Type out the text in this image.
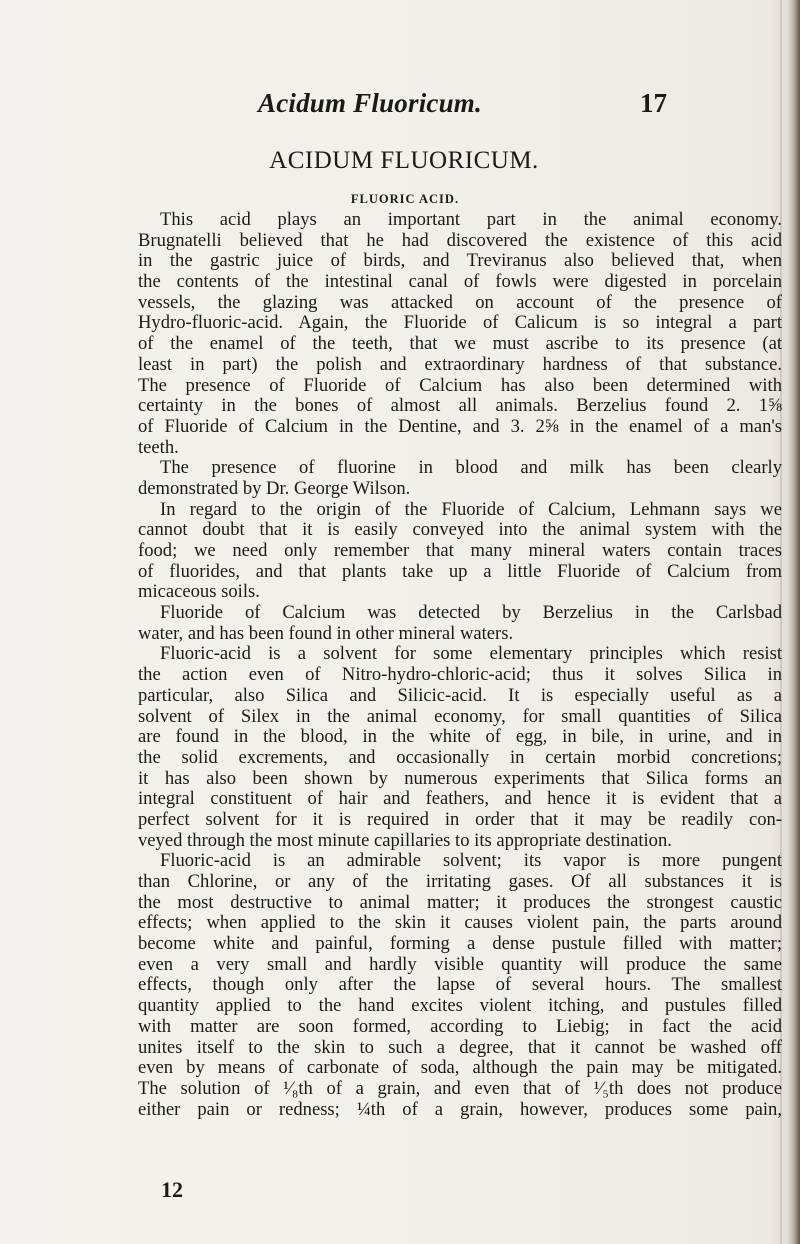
Acidum Fluoricum.	17
ACIDUM FLUORICUM.
FLUORIC ACID.
This acid plays an important part in the animal economy.
Brugnatelli believed that he had discovered the existence of this acid
in the gastric juice of birds, and Treviranus also believed that, when
the contents of the intestinal canal of fowls were digested in porcelain
vessels, the glazing was attacked on account of the presence of
Hydro-fluoric-acid. Again, the Fluoride of Calicum is so integral a part
of the enamel of the teeth, that we must ascribe to its presence (at
least in part) the polish and extraordinary hardness of that substance.
The presence of Fluoride of Calcium has also been determined with
certainty in the bones of almost all animals. Berzelius found 2. 1⅝
of Fluoride of Calcium in the Dentine, and 3. 2⅝ in the enamel of a man's
teeth.
The presence of fluorine in blood and milk has been clearly
demonstrated by Dr. George Wilson.
In regard to the origin of the Fluoride of Calcium, Lehmann says we
cannot doubt that it is easily conveyed into the animal system with the
food; we need only remember that many mineral waters contain traces
of fluorides, and that plants take up a little Fluoride of Calcium from
micaceous soils.
Fluoride of Calcium was detected by Berzelius in the Carlsbad
water, and has been found in other mineral waters.
Fluoric-acid is a solvent for some elementary principles which resist
the action even of Nitro-hydro-chloric-acid; thus it solves Silica in
particular, also Silica and Silicic-acid. It is especially useful as a
solvent of Silex in the animal economy, for small quantities of Silica
are found in the blood, in the white of egg, in bile, in urine, and in
the solid excrements, and occasionally in certain morbid concretions;
it has also been shown by numerous experiments that Silica forms an
integral constituent of hair and feathers, and hence it is evident that a
perfect solvent for it is required in order that it may be readily con-
veyed through the most minute capillaries to its appropriate destination.
Fluoric-acid is an admirable solvent; its vapor is more pungent
than Chlorine, or any of the irritating gases. Of all substances it is
the most destructive to animal matter; it produces the strongest caustic
effects; when applied to the skin it causes violent pain, the parts around
become white and painful, forming a dense pustule filled with matter;
even a very small and hardly visible quantity will produce the same
effects, though only after the lapse of several hours. The smallest
quantity applied to the hand excites violent itching, and pustules filled
with matter are soon formed, according to Liebig; in fact the acid
unites itself to the skin to such a degree, that it cannot be washed off
even by means of carbonate of soda, although the pain may be mitigated.
The solution of ¹⁄₈th of a grain, and even that of ¹⁄₅th does not produce
either pain or redness; ¼th of a grain, however, produces some pain,
12
